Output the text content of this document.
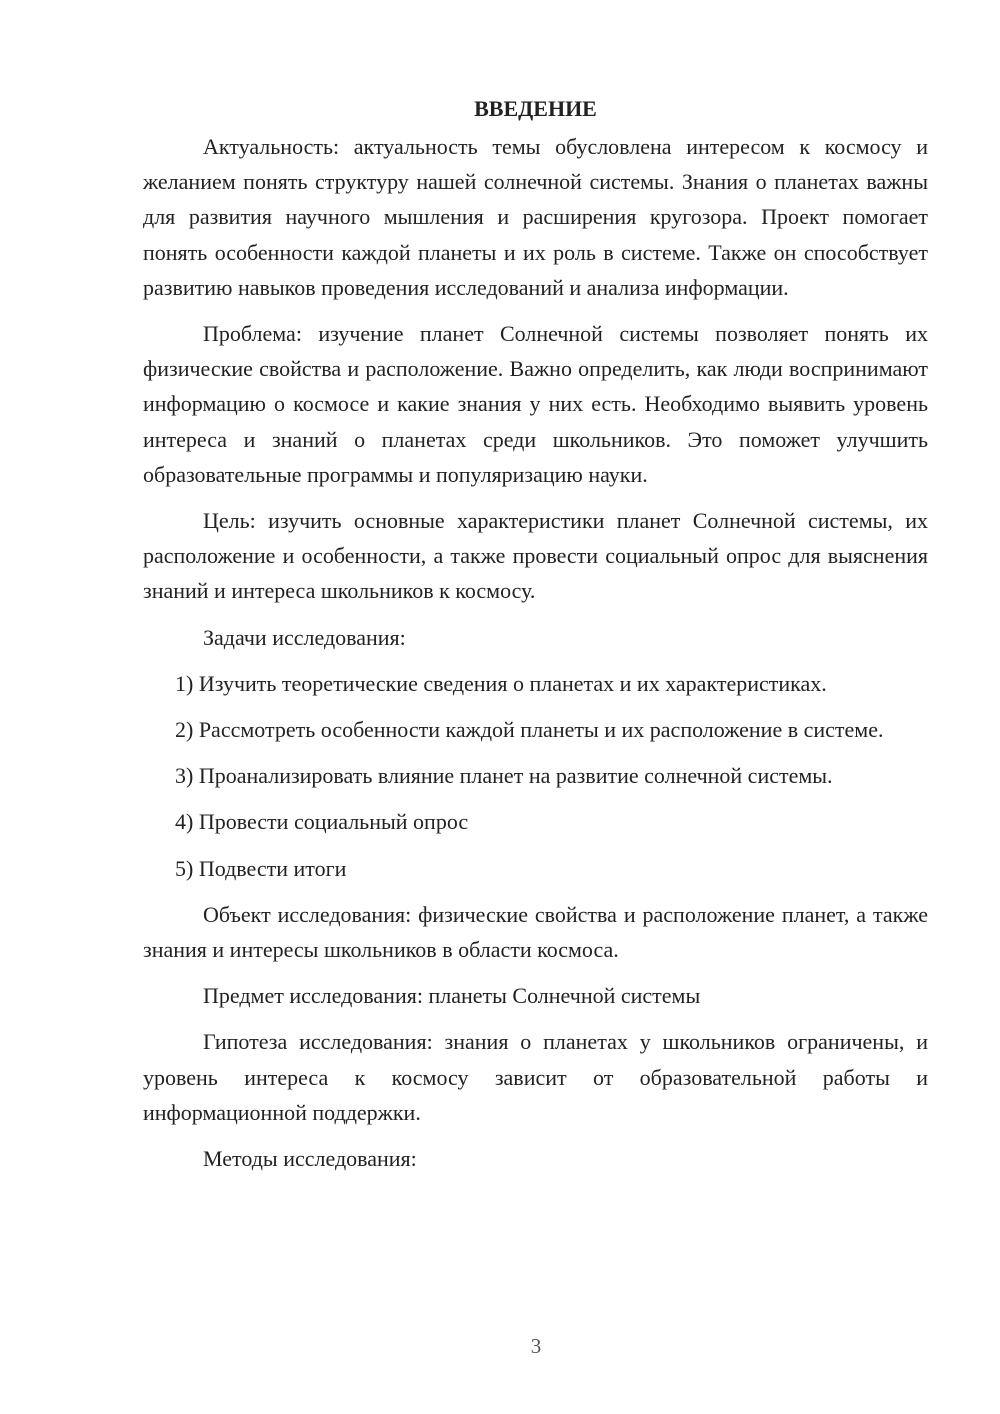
ВВЕДЕНИЕ

Актуальность: актуальность темы обусловлена интересом к космосу и желанием понять структуру нашей солнечной системы. Знания о планетах важны для развития научного мышления и расширения кругозора. Проект помогает понять особенности каждой планеты и их роль в системе. Также он способствует развитию навыков проведения исследований и анализа информации.

Проблема: изучение планет Солнечной системы позволяет понять их физические свойства и расположение. Важно определить, как люди воспринимают информацию о космосе и какие знания у них есть. Необходимо выявить уровень интереса и знаний о планетах среди школьников. Это поможет улучшить образовательные программы и популяризацию науки.

Цель: изучить основные характеристики планет Солнечной системы, их расположение и особенности, а также провести социальный опрос для выяснения знаний и интереса школьников к космосу.

Задачи исследования:

1) Изучить теоретические сведения о планетах и их характеристиках.

2) Рассмотреть особенности каждой планеты и их расположение в системе.

3) Проанализировать влияние планет на развитие солнечной системы.

4) Провести социальный опрос

5) Подвести итоги

Объект исследования: физические свойства и расположение планет, а также знания и интересы школьников в области космоса.

Предмет исследования: планеты Солнечной системы

Гипотеза исследования: знания о планетах у школьников ограничены, и уровень интереса к космосу зависит от образовательной работы и информационной поддержки.

Методы исследования:

3
